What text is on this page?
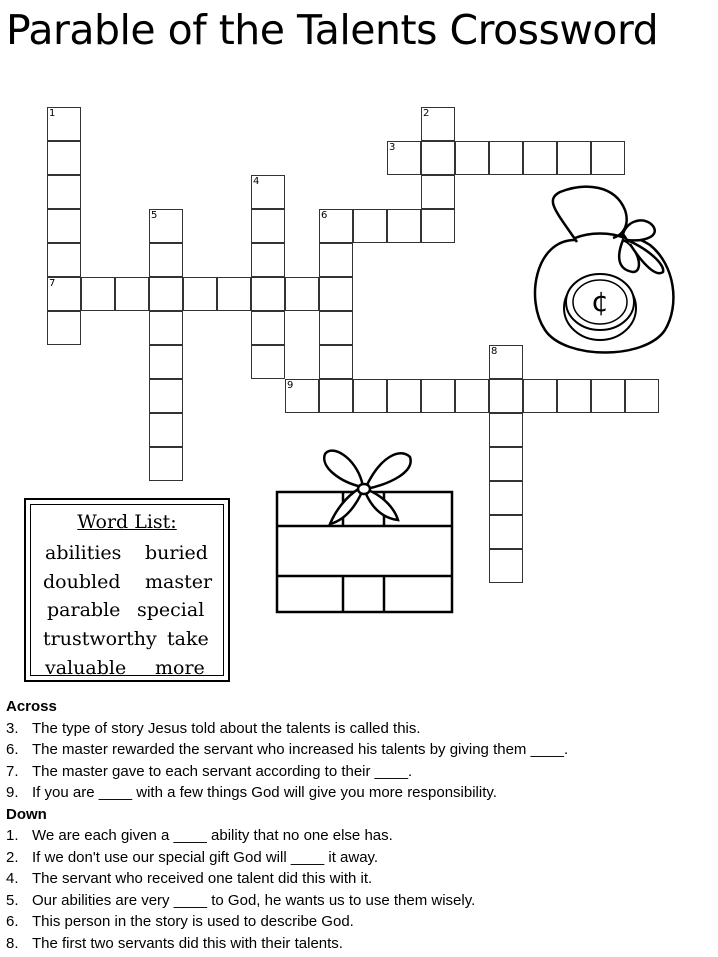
Parable of the Talents Crossword
1	2
3
4
5	6
7
8
9
¢
Word List:
abilities buried
doubled master
parable special
trustworthy take
valuable more
Across
3. The type of story Jesus told about the talents is called this.
6. The master rewarded the servant who increased his talents by giving them ____.
7. The master gave to each servant according to their ____.
9. If you are ____ with a few things God will give you more responsibility.
Down
1. We are each given a ____ ability that no one else has.
2. If we don't use our special gift God will ____ it away.
4. The servant who received one talent did this with it.
5. Our abilities are very ____ to God, he wants us to use them wisely.
6. This person in the story is used to describe God.
8. The first two servants did this with their talents.
